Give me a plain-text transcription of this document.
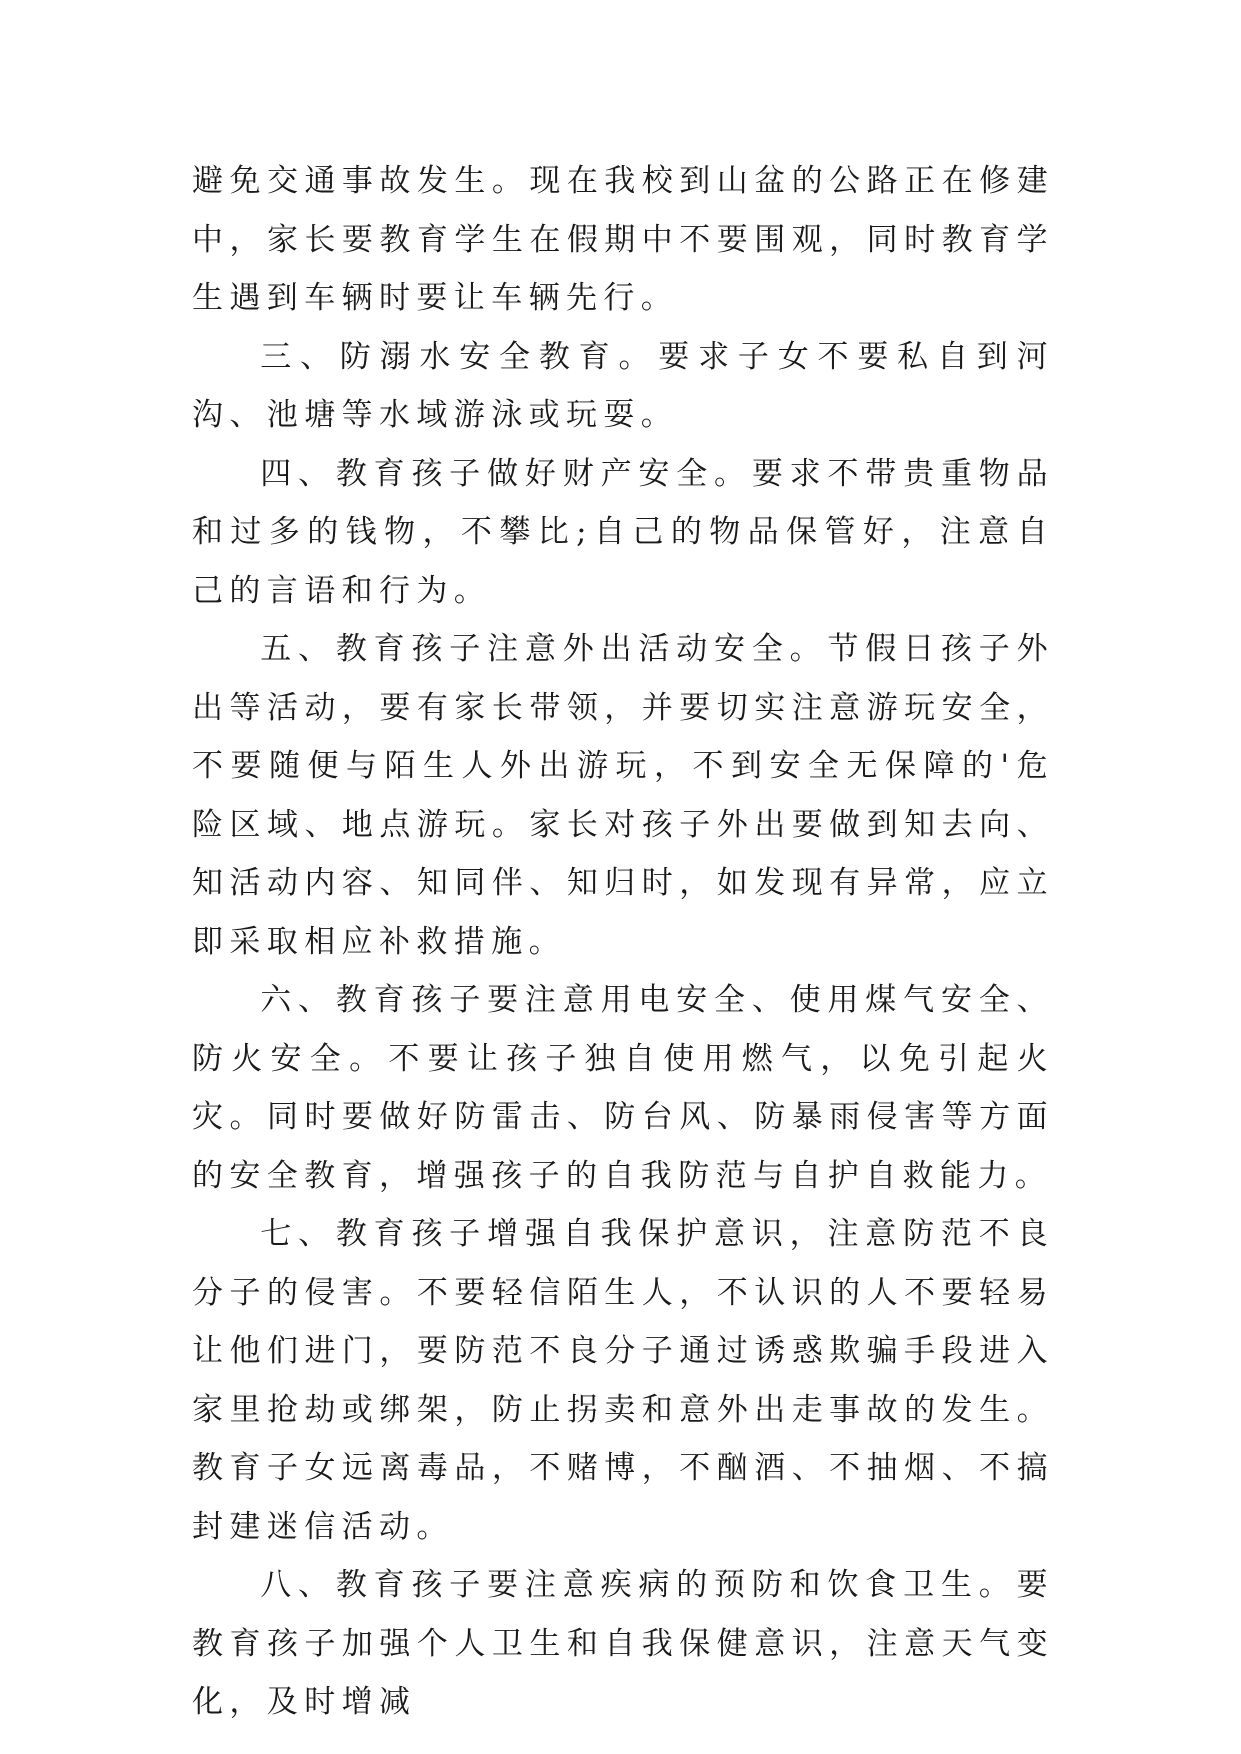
避免交通事故发生。现在我校到山盆的公路正在修建中，家长要教育学生在假期中不要围观，同时教育学生遇到车辆时要让车辆先行。

三、防溺水安全教育。要求子女不要私自到河沟、池塘等水域游泳或玩耍。

四、教育孩子做好财产安全。要求不带贵重物品和过多的钱物，不攀比;自己的物品保管好，注意自己的言语和行为。

五、教育孩子注意外出活动安全。节假日孩子外出等活动，要有家长带领，并要切实注意游玩安全，不要随便与陌生人外出游玩，不到安全无保障的'危险区域、地点游玩。家长对孩子外出要做到知去向、知活动内容、知同伴、知归时，如发现有异常，应立即采取相应补救措施。

六、教育孩子要注意用电安全、使用煤气安全、防火安全。不要让孩子独自使用燃气，以免引起火灾。同时要做好防雷击、防台风、防暴雨侵害等方面的安全教育，增强孩子的自我防范与自护自救能力。

七、教育孩子增强自我保护意识，注意防范不良分子的侵害。不要轻信陌生人，不认识的人不要轻易让他们进门，要防范不良分子通过诱惑欺骗手段进入家里抢劫或绑架，防止拐卖和意外出走事故的发生。教育子女远离毒品，不赌博，不酗酒、不抽烟、不搞封建迷信活动。

八、教育孩子要注意疾病的预防和饮食卫生。要教育孩子加强个人卫生和自我保健意识，注意天气变化，及时增减
